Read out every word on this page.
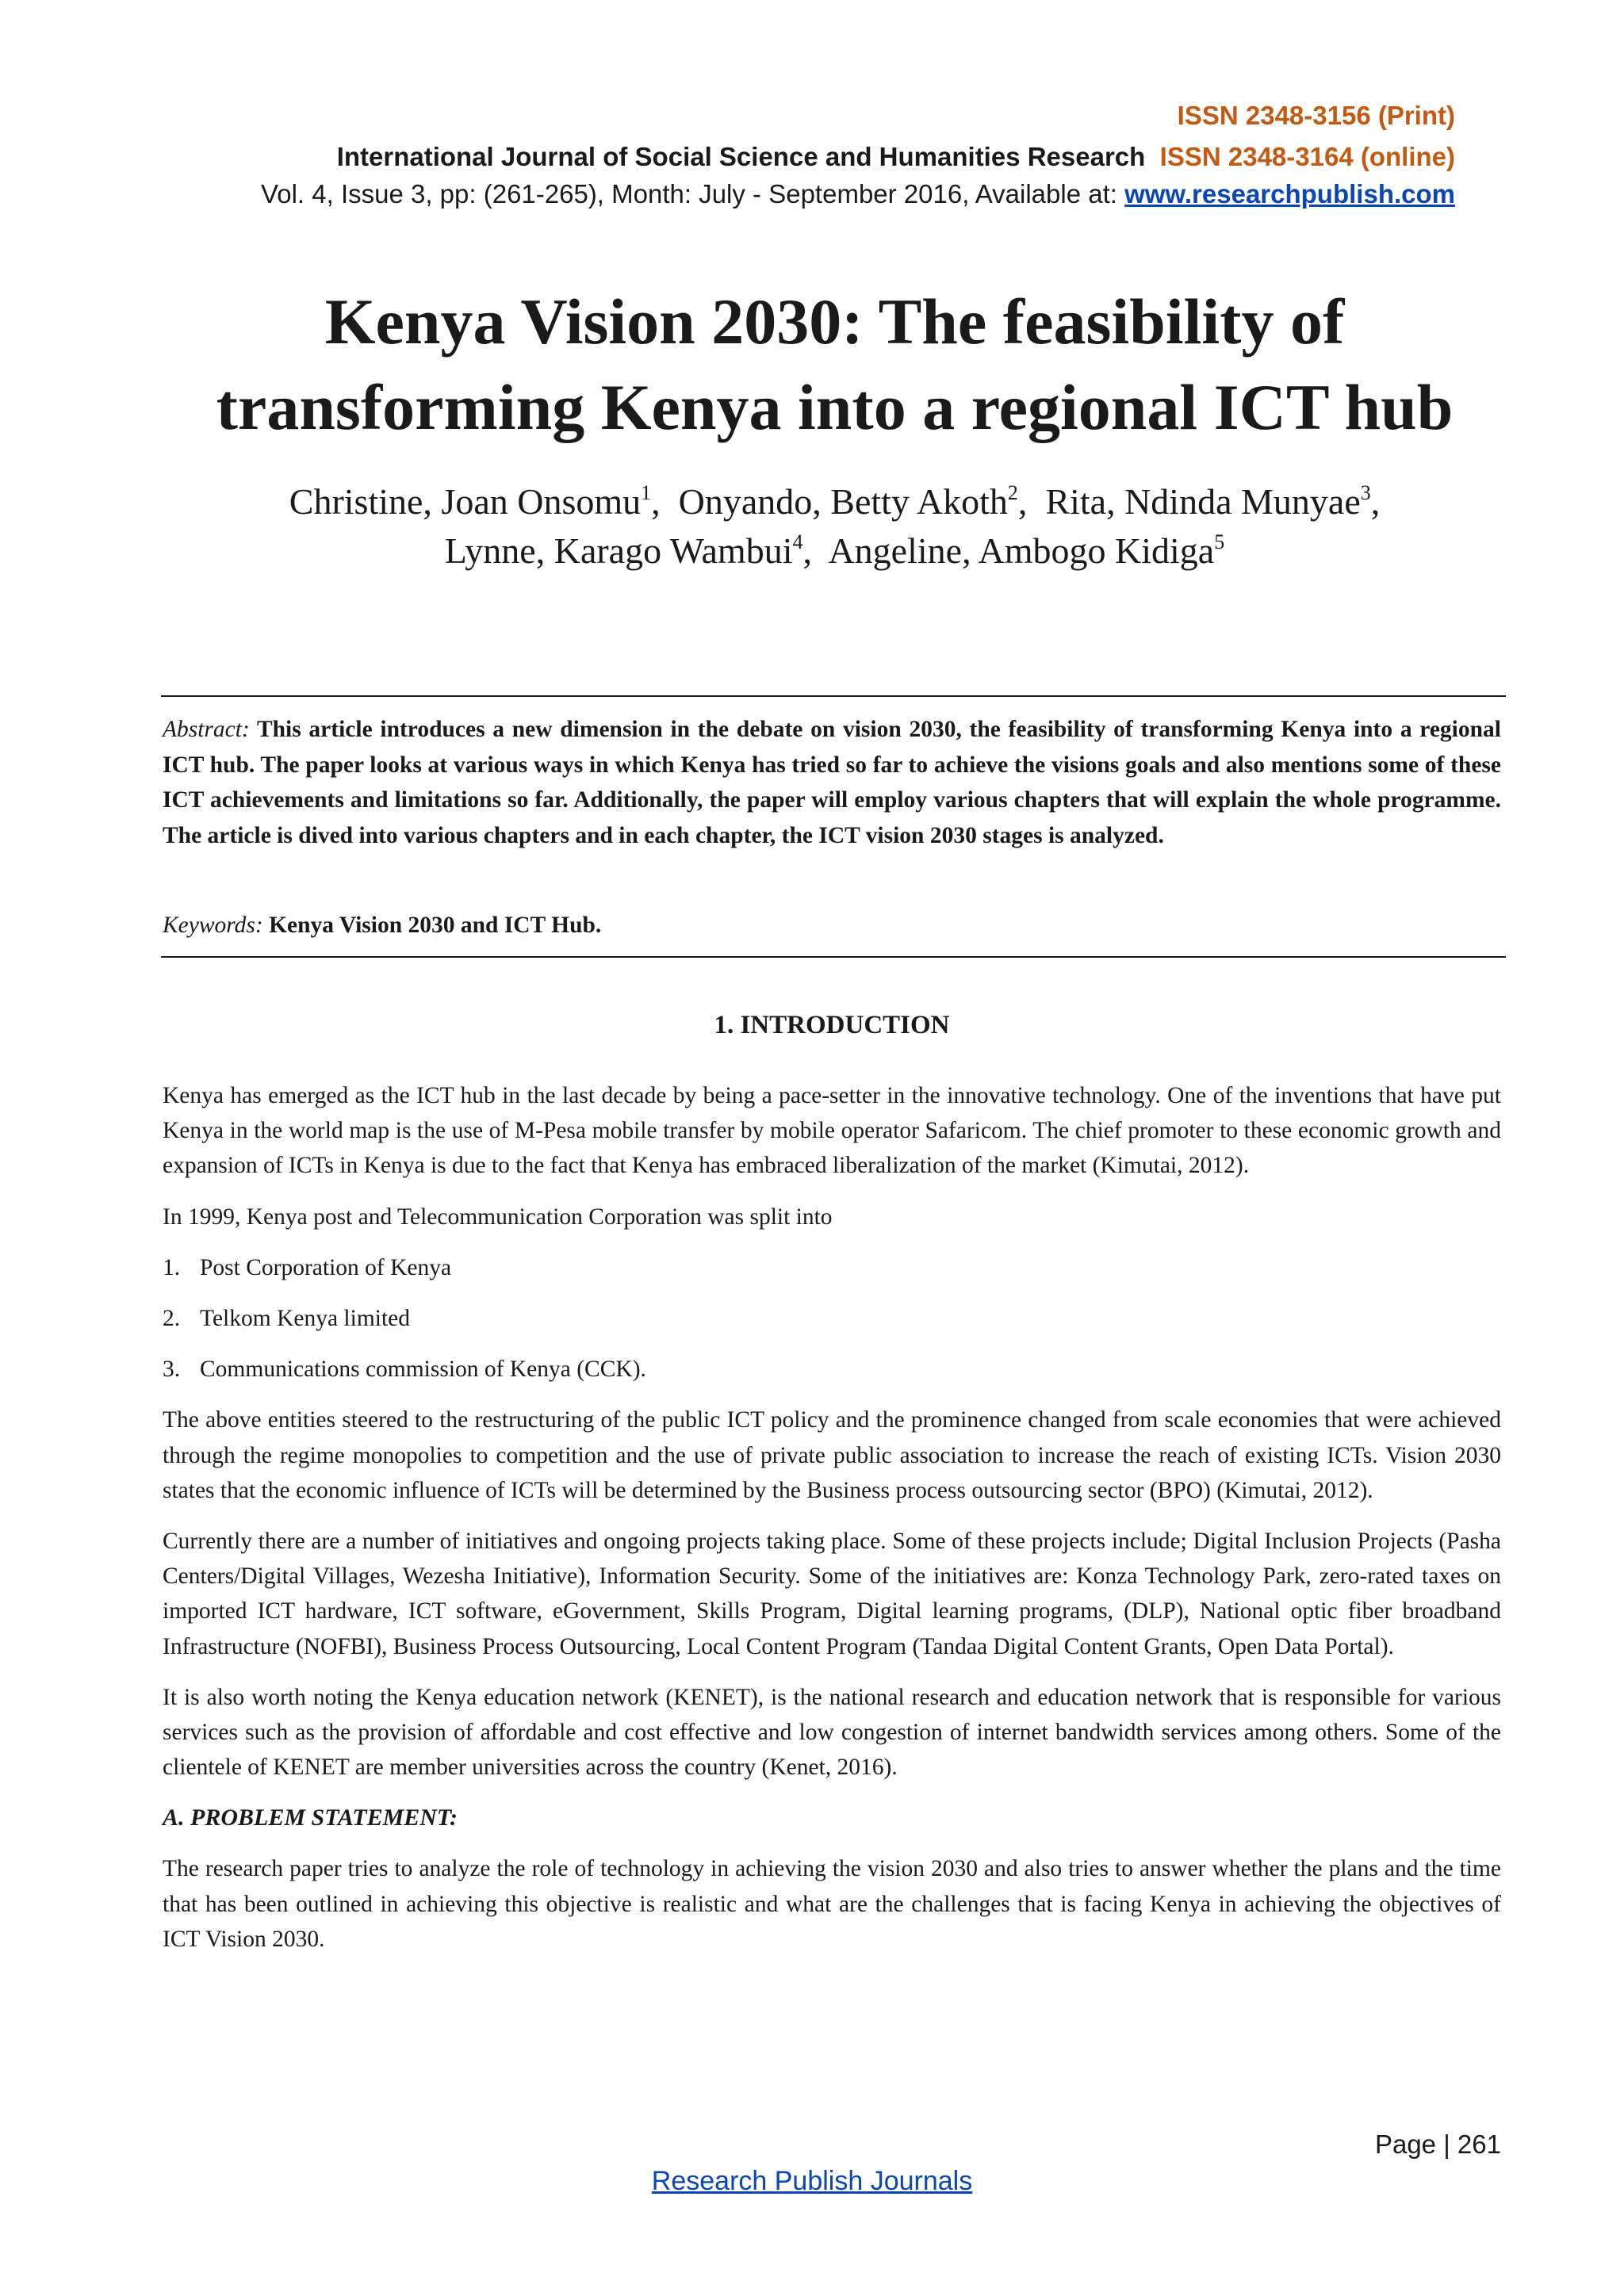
ISSN 2348-3156 (Print)
International Journal of Social Science and Humanities Research ISSN 2348-3164 (online)
Vol. 4, Issue 3, pp: (261-265), Month: July - September 2016, Available at: www.researchpublish.com
Kenya Vision 2030: The feasibility of
transforming Kenya into a regional ICT hub
Christine, Joan Onsomu$^1$,  Onyando, Betty Akoth$^2$,  Rita, Ndinda Munyae$^3$,
Lynne, Karago Wambui$^4$,  Angeline, Ambogo Kidiga$^5$

Abstract: This article introduces a new dimension in the debate on vision 2030, the feasibility of transforming Kenya into a regional ICT hub. The paper looks at various ways in which Kenya has tried so far to achieve the visions goals and also mentions some of these ICT achievements and limitations so far. Additionally, the paper will employ various chapters that will explain the whole programme. The article is dived into various chapters and in each chapter, the ICT vision 2030 stages is analyzed.

Keywords: Kenya Vision 2030 and ICT Hub.

1. INTRODUCTION

Kenya has emerged as the ICT hub in the last decade by being a pace-setter in the innovative technology. One of the inventions that have put Kenya in the world map is the use of M-Pesa mobile transfer by mobile operator Safaricom. The chief promoter to these economic growth and expansion of ICTs in Kenya is due to the fact that Kenya has embraced liberalization of the market (Kimutai, 2012).

In 1999, Kenya post and Telecommunication Corporation was split into

1. Post Corporation of Kenya
2. Telkom Kenya limited
3. Communications commission of Kenya (CCK).

The above entities steered to the restructuring of the public ICT policy and the prominence changed from scale economies that were achieved through the regime monopolies to competition and the use of private public association to increase the reach of existing ICTs. Vision 2030 states that the economic influence of ICTs will be determined by the Business process outsourcing sector (BPO) (Kimutai, 2012).

Currently there are a number of initiatives and ongoing projects taking place. Some of these projects include; Digital Inclusion Projects (Pasha Centers/Digital Villages, Wezesha Initiative), Information Security. Some of the initiatives are: Konza Technology Park, zero-rated taxes on imported ICT hardware, ICT software, eGovernment, Skills Program, Digital learning programs, (DLP), National optic fiber broadband Infrastructure (NOFBI), Business Process Outsourcing, Local Content Program (Tandaa Digital Content Grants, Open Data Portal).

It is also worth noting the Kenya education network (KENET), is the national research and education network that is responsible for various services such as the provision of affordable and cost effective and low congestion of internet bandwidth services among others. Some of the clientele of KENET are member universities across the country (Kenet, 2016).

A. PROBLEM STATEMENT:

The research paper tries to analyze the role of technology in achieving the vision 2030 and also tries to answer whether the plans and the time that has been outlined in achieving this objective is realistic and what are the challenges that is facing Kenya in achieving the objectives of ICT Vision 2030.

Page | 261
Research Publish Journals
